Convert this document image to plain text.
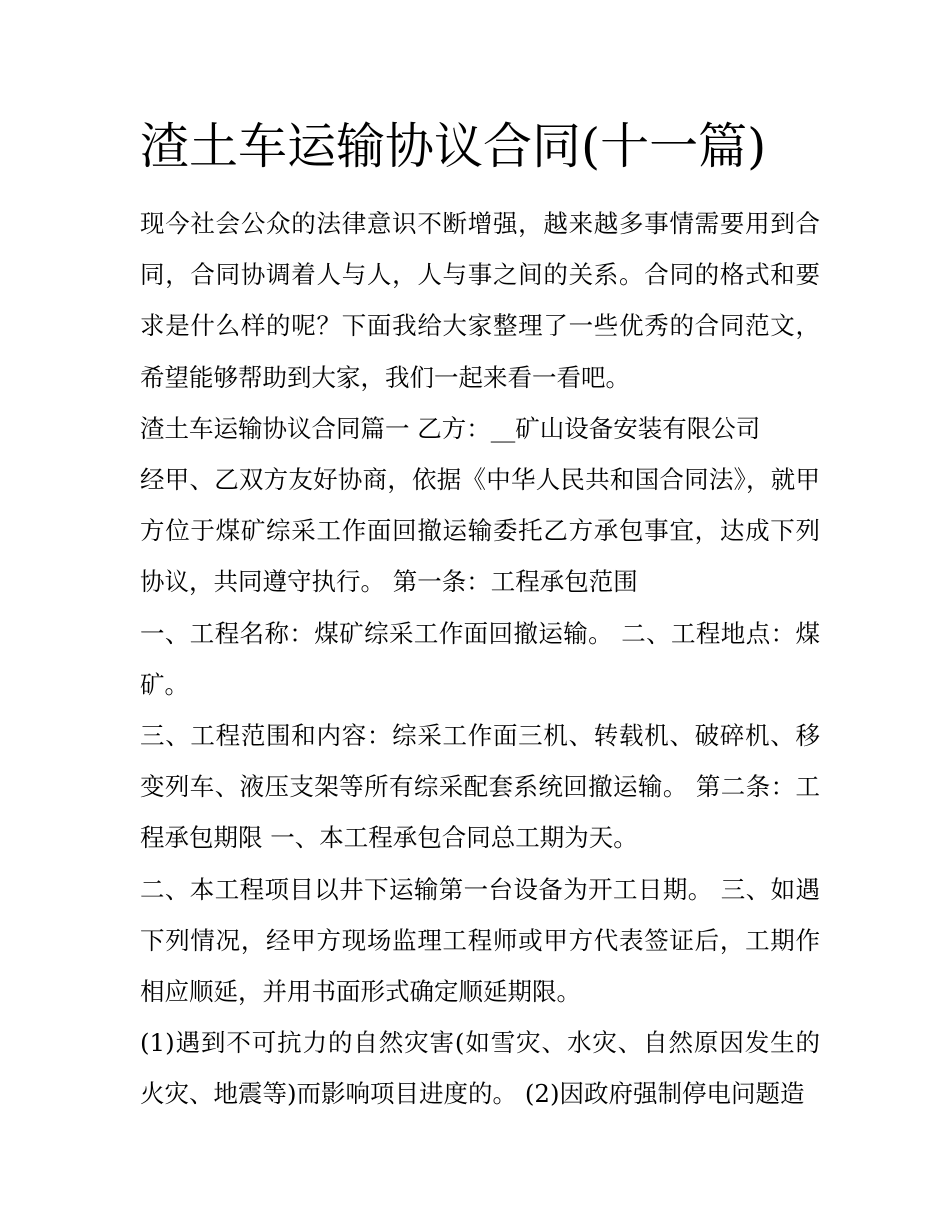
渣土车运输协议合同(十一篇)

现今社会公众的法律意识不断增强，越来越多事情需要用到合同，合同协调着人与人，人与事之间的关系。合同的格式和要求是什么样的呢？下面我给大家整理了一些优秀的合同范文，希望能够帮助到大家，我们一起来看一看吧。

渣土车运输协议合同篇一 乙方：__矿山设备安装有限公司

经甲、乙双方友好协商，依据《中华人民共和国合同法》，就甲方位于煤矿综采工作面回撤运输委托乙方承包事宜，达成下列协议，共同遵守执行。 第一条：工程承包范围

一、工程名称：煤矿综采工作面回撤运输。 二、工程地点：煤矿。

三、工程范围和内容：综采工作面三机、转载机、破碎机、移变列车、液压支架等所有综采配套系统回撤运输。 第二条：工程承包期限 一、本工程承包合同总工期为天。

二、本工程项目以井下运输第一台设备为开工日期。 三、如遇下列情况，经甲方现场监理工程师或甲方代表签证后，工期作相应顺延，并用书面形式确定顺延期限。

(1)遇到不可抗力的自然灾害(如雪灾、水灾、自然原因发生的火灾、地震等)而影响项目进度的。 (2)因政府强制停电问题造
